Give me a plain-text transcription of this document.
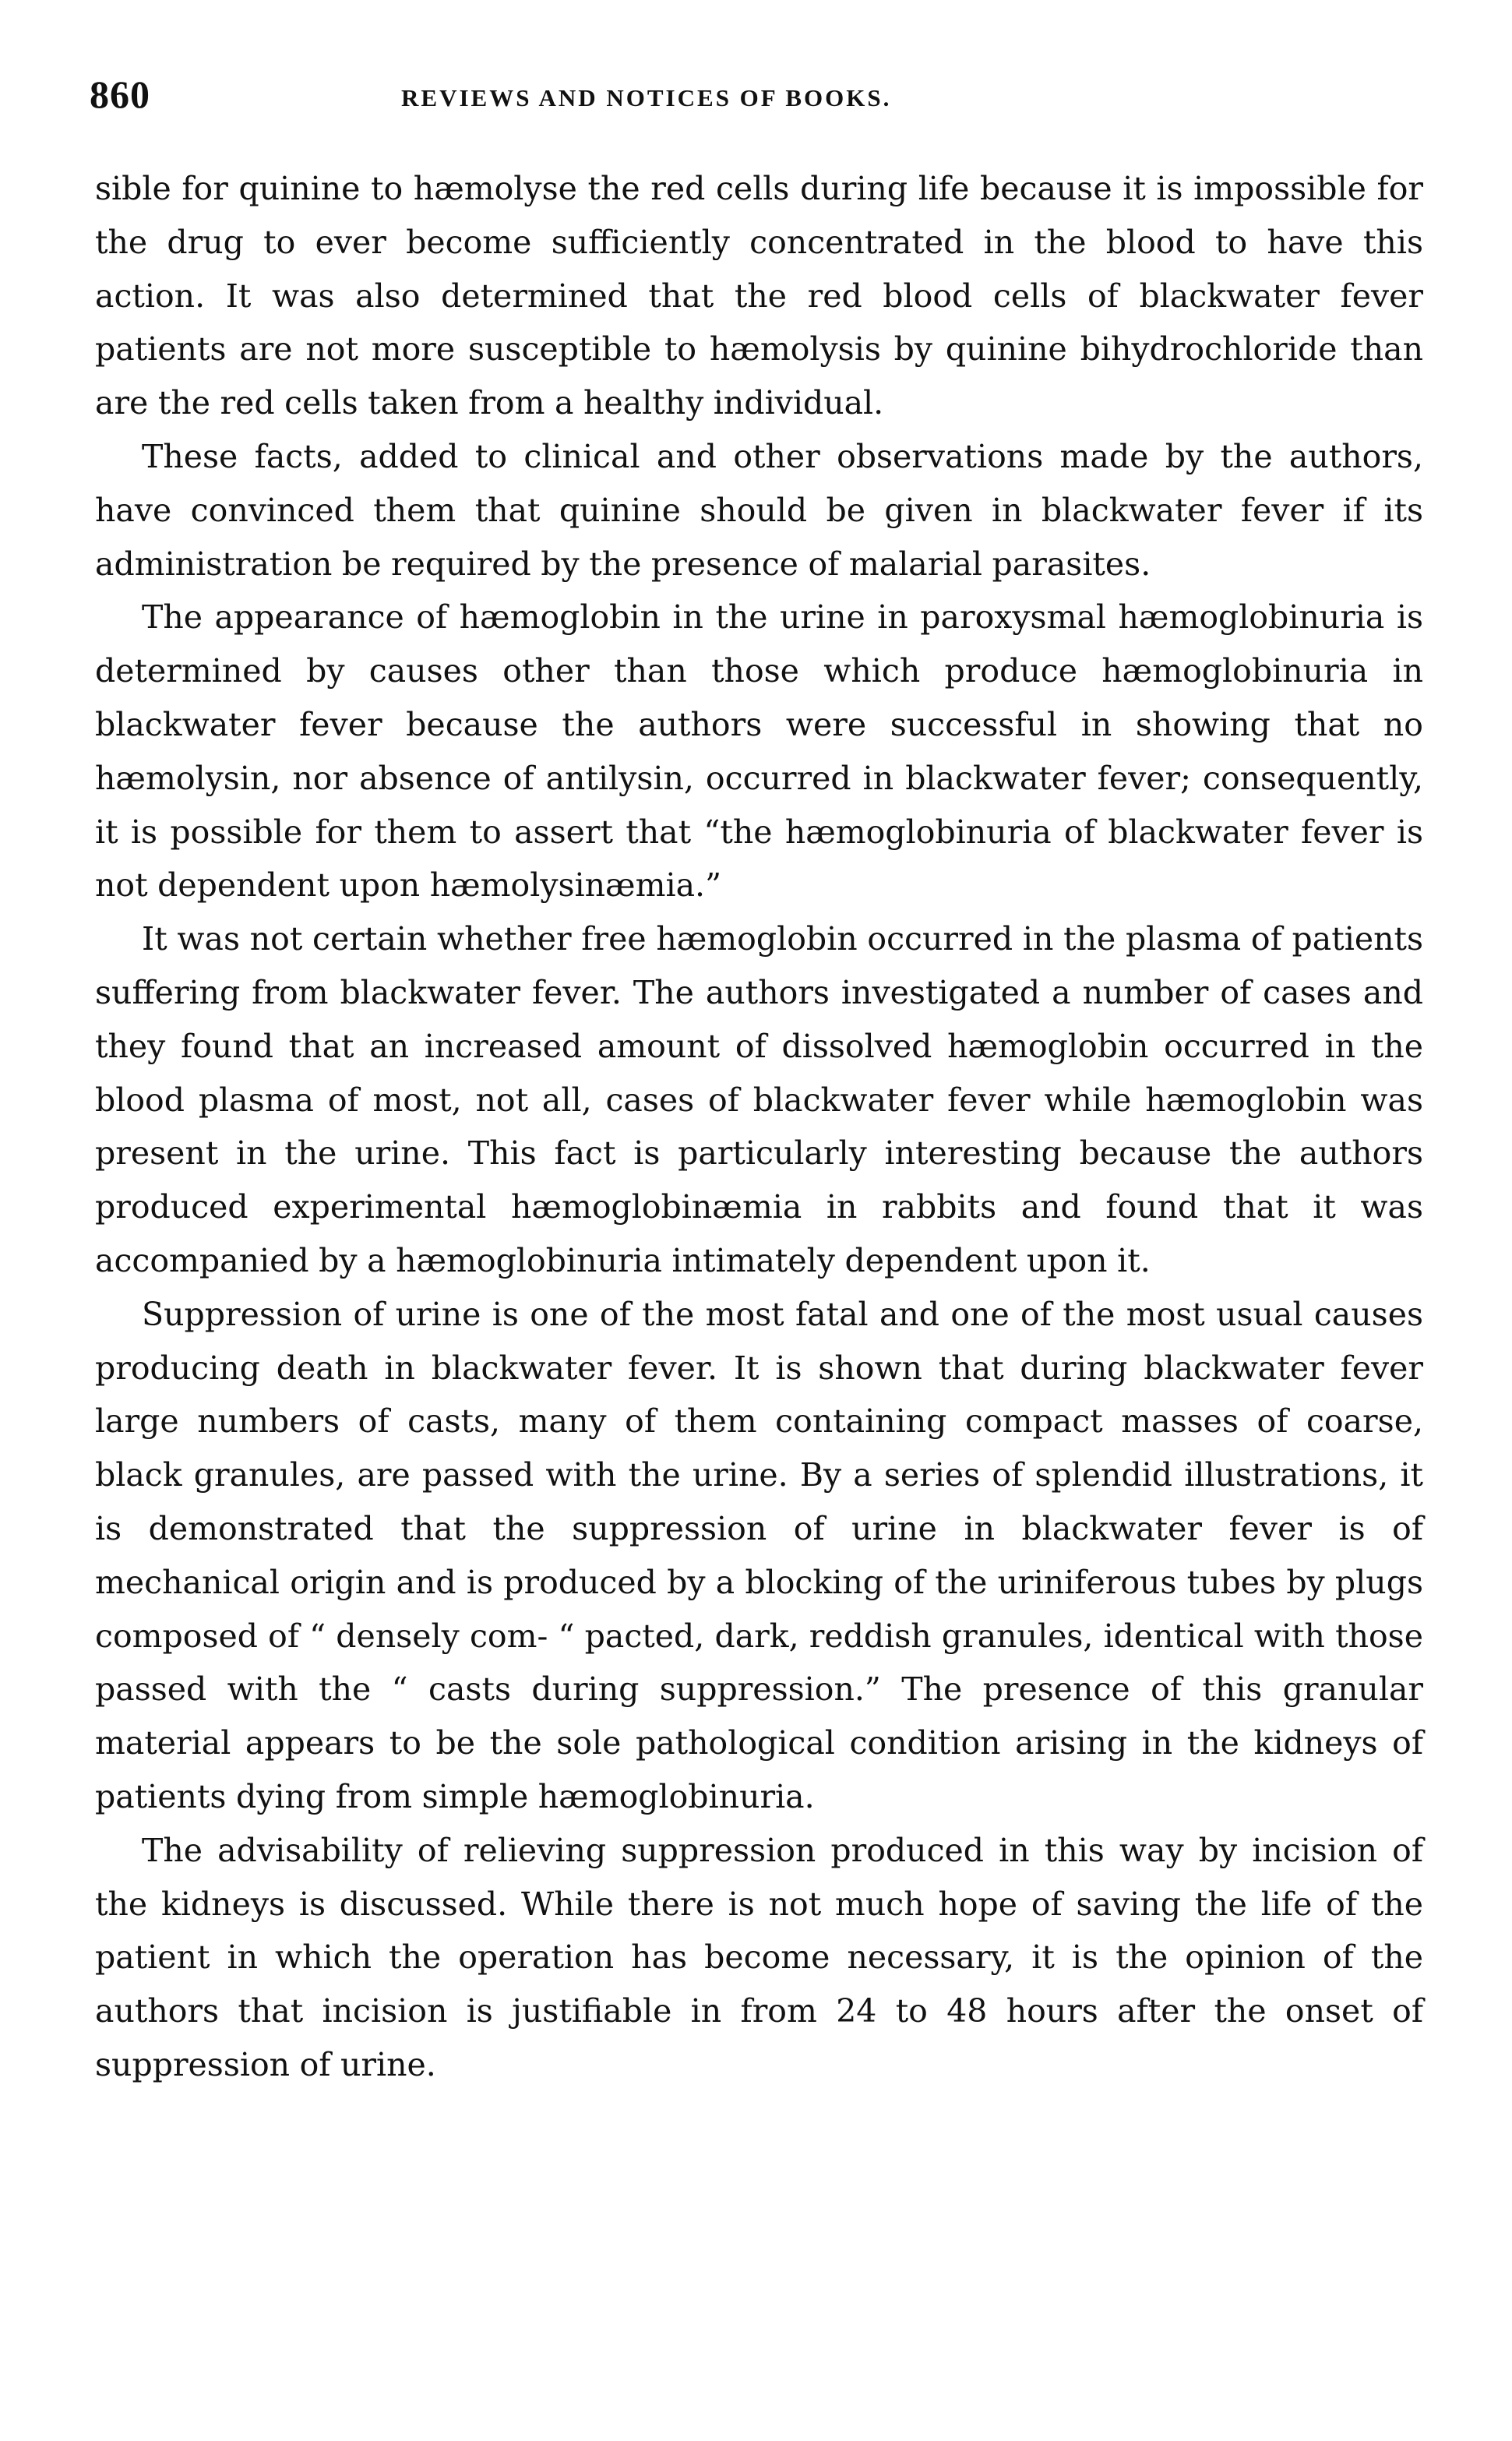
860	REVIEWS AND NOTICES OF BOOKS.

sible for quinine to hæmolyse the red cells during life because it is impossible for the drug to ever become sufficiently concentrated in the blood to have this action. It was also determined that the red blood cells of blackwater fever patients are not more susceptible to hæmolysis by quinine bihydrochloride than are the red cells taken from a healthy individual.

These facts, added to clinical and other observations made by the authors, have convinced them that quinine should be given in blackwater fever if its administration be required by the presence of malarial parasites.

The appearance of hæmoglobin in the urine in paroxysmal hæmoglobinuria is determined by causes other than those which produce hæmoglobinuria in blackwater fever because the authors were successful in showing that no hæmolysin, nor absence of antilysin, occurred in blackwater fever; consequently, it is possible for them to assert that “the hæmoglobinuria of blackwater fever is not dependent upon hæmolysinæmia.”

It was not certain whether free hæmoglobin occurred in the plasma of patients suffering from blackwater fever. The authors investigated a number of cases and they found that an increased amount of dissolved hæmoglobin occurred in the blood plasma of most, not all, cases of blackwater fever while hæmoglobin was present in the urine. This fact is particularly interesting because the authors produced experimental hæmoglobinæmia in rabbits and found that it was accompanied by a hæmoglobinuria intimately dependent upon it.

Suppression of urine is one of the most fatal and one of the most usual causes producing death in blackwater fever. It is shown that during blackwater fever large numbers of casts, many of them containing compact masses of coarse, black granules, are passed with the urine. By a series of splendid illustrations, it is demonstrated that the suppression of urine in blackwater fever is of mechanical origin and is produced by a blocking of the uriniferous tubes by plugs composed of “ densely com- “ pacted, dark, reddish granules, identical with those passed with the “ casts during suppression.” The presence of this granular material appears to be the sole pathological condition arising in the kidneys of patients dying from simple hæmoglobinuria.

The advisability of relieving suppression produced in this way by incision of the kidneys is discussed. While there is not much hope of saving the life of the patient in which the operation has become necessary, it is the opinion of the authors that incision is justifiable in from 24 to 48 hours after the onset of suppression of urine.
